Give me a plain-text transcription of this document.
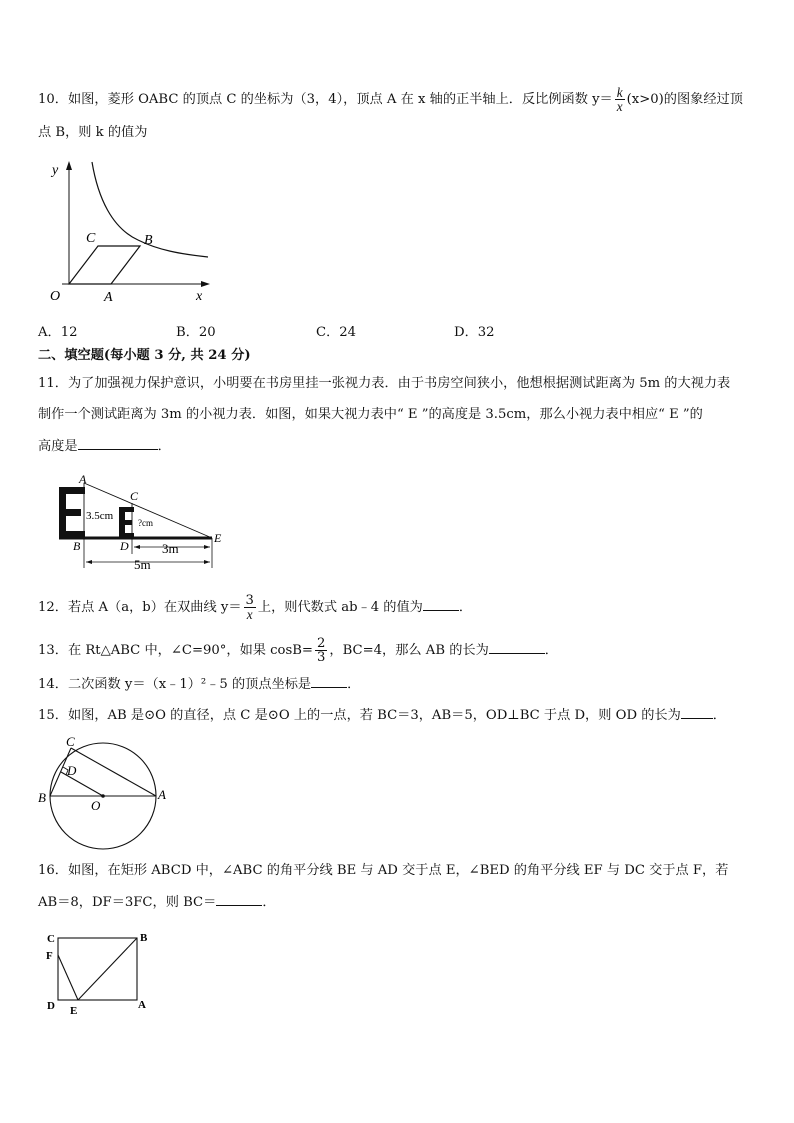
10．如图，菱形 OABC 的顶点 C 的坐标为（3，4），顶点 A 在 x 轴的正半轴上．反比例函数 $y= \frac{k}{x} (x>0)$的图象经过顶
点 B，则 k 的值为
y
x
O	A
B
C
A．12	B．20	C．24	D．32
二、填空题(每小题 3 分, 共 24 分)
11．为了加强视力保护意识，小明要在书房里挂一张视力表．由于书房空间狭小，他想根据测试距离为 5m 的大视力表
制作一个测试距离为 3m 的小视力表．如图，如果大视力表中“ E ”的高度是 3.5cm，那么小视力表中相应“ E ”的
高度是	．
A
B
C
D
E
3.5cm
?cm
3m
5m
12．若点 A（a，b）在双曲线 $y= \frac{3}{x}$ 上，则代数式 ab﹣4 的值为	．
13．在 Rt△ABC 中，∠C=90°，如果 $\cos B= \frac{2}{3}$ ，BC=4，那么 AB 的长为	．
14．二次函数 y＝（x﹣1）²﹣5 的顶点坐标是	．
15．如图，AB 是⊙O 的直径，点 C 是⊙O 上的一点，若 BC＝3，AB＝5，OD⊥BC 于点 D，则 OD 的长为 ．
C
D
B	A
O
16．如图，在矩形 ABCD 中，∠ABC 的角平分线 BE 与 AD 交于点 E，∠BED 的角平分线 EF 与 DC 交于点 F，若
AB＝8，DF＝3FC，则 BC＝	．
C	B
F
D E	A
